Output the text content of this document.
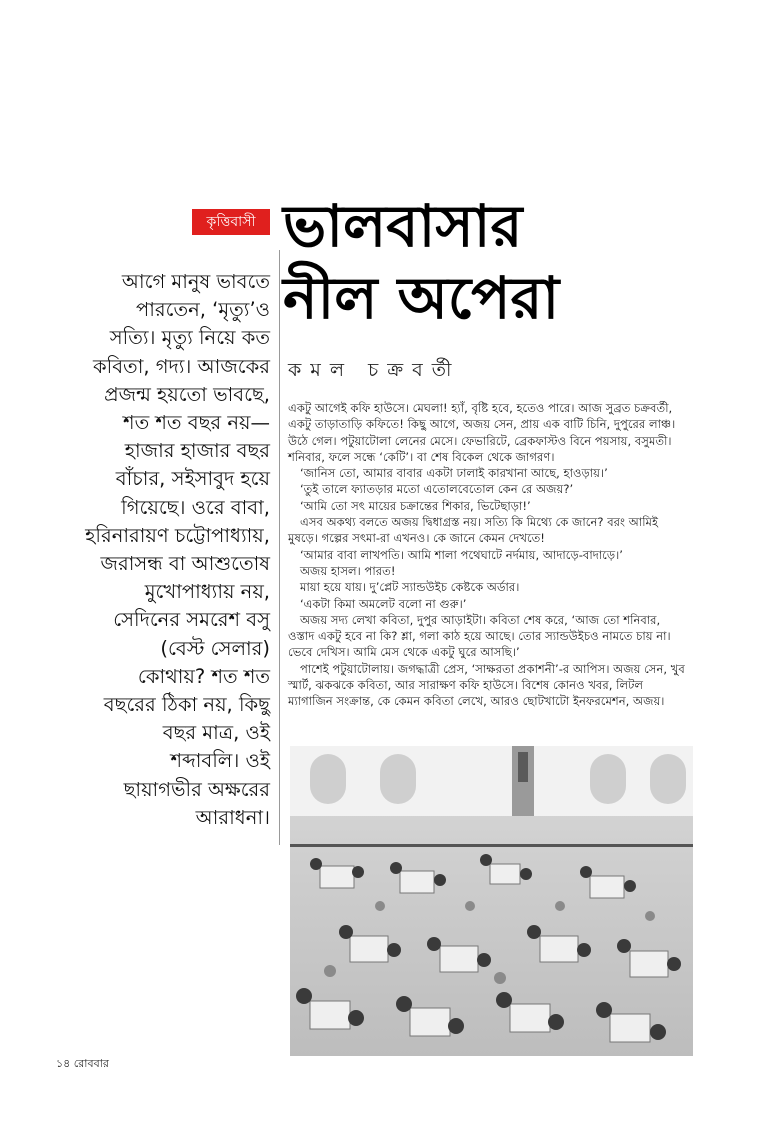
কৃত্তিবাসী ভালবাসার
নীল অপেরা

কমল চক্রবর্তী

আগে মানুষ ভাবতে
পারতেন, ‘মৃত্যু’ও
সত্যি। মৃত্যু নিয়ে কত
কবিতা, গদ্য। আজকের
প্রজন্ম হয়তো ভাবছে,
শত শত বছর নয়—
হাজার হাজার বছর
বাঁচার, সইসাবুদ হয়ে
গিয়েছে। ওরে বাবা,
হরিনারায়ণ চট্টোপাধ্যায়,
জরাসন্ধ বা আশুতোষ
মুখোপাধ্যায় নয়,
সেদিনের সমরেশ বসু
(বেস্ট সেলার)
কোথায়? শত শত
বছরের ঠিকা নয়, কিছু
বছর মাত্র, ওই
শব্দাবলি। ওই
ছায়াগভীর অক্ষরের
আরাধনা।

একটু আগেই কফি হাউসে। মেঘলা! হ্যাঁ, বৃষ্টি হবে, হতেও পারে। আজ সুব্রত চক্রবর্তী,

একটু তাড়াতাড়ি কফিতে! কিছু আগে, অজয় সেন, প্রায় এক বাটি চিনি, দুপুরের লাঞ্চ।

উঠে গেল। পটুয়াটোলা লেনের মেসে। ফেভারিটে, ব্রেকফাস্টও বিনে পয়সায়, বসুমতী।

শনিবার, ফলে সন্ধে ‘কেটি’। বা শেষ বিকেল থেকে জাগরণ।

‘জানিস তো, আমার বাবার একটা ঢালাই কারখানা আছে, হাওড়ায়।’

‘তুই তালে ফ্যাতড়ার মতো এতোলবেতোল কেন রে অজয়?’

‘আমি তো সৎ মায়ের চক্রান্তের শিকার, ভিটেছাড়া!’

এসব অকথ্য বলতে অজয় দ্বিধাগ্রস্ত নয়। সত্যি কি মিথ্যে কে জানে? বরং আমিই

মুষড়ে। গল্পের সৎমা-রা এখনও। কে জানে কেমন দেখতে!

‘আমার বাবা লাখপতি। আমি শালা পথেঘাটে নর্দমায়, আদাড়ে-বাদাড়ে।’

অজয় হাসল। পারত!

মায়া হয়ে যায়। দু’প্লেট স্যান্ডউইচ কেষ্টকে অর্ডার।

‘একটা কিমা অমলেট বলো না গুরু।’

অজয় সদ্য লেখা কবিতা, দুপুর আড়াইটা। কবিতা শেষ করে, ‘আজ তো শনিবার,

ওস্তাদ একটু হবে না কি? শ্লা, গলা কাঠ হয়ে আছে। তোর স্যান্ডউইচও নামতে চায় না।

ভেবে দেখিস। আমি মেস থেকে একটু ঘুরে আসছি।’

পাশেই পটুয়াটোলায়। জগদ্ধাত্রী প্রেস, ‘সাক্ষরতা প্রকাশনী’-র আপিস। অজয় সেন, খুব

স্মার্ট, ঝকঝকে কবিতা, আর সারাক্ষণ কফি হাউসে। বিশেষ কোনও খবর, লিটল

ম্যাগাজিন সংক্রান্ত, কে কেমন কবিতা লেখে, আরও ছোটখাটো ইনফরমেশন, অজয়।

১৪ রোববার
